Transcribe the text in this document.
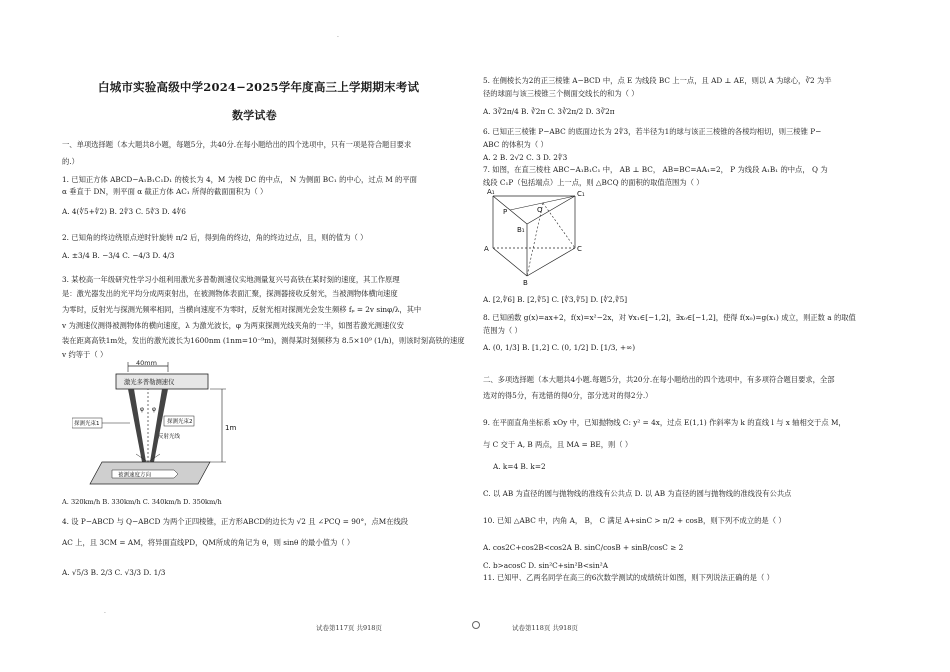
·
白城市实验高级中学2024−2025学年度高三上学期期末考试
数学试卷
一、单项选择题（本大题共8小题，每题5分，共40分.在每小题给出的四个选项中，只有一项是符合题目要求
的.）
1. 已知正方体 ABCD−A₁B₁C₁D₁ 的棱长为 4，M 为棱 DC 的中点， N 为侧面 BC₁ 的中心，过点 M 的平面
α 垂直于 DN，则平面 α 截正方体 AC₁ 所得的截面面积为（ ）
A. 4(∜5+∜2) B. 2∜3 C. 5∜3 D. 4∜6
2. 已知角的终边绕原点逆时针旋转 π/2 后，得到角的终边，角的终边过点，且，则的值为（ ）
A. ±3/4 B. −3/4 C. −4/3 D. 4/3
3. 某校高一年级研究性学习小组利用激光多普勒测速仪实地测量复兴号高铁在某时刻的速度，其工作原理
是：激光器发出的光平均分成两束射出，在被测物体表面汇聚，探测器接收反射光，当被测物体横向速度
为零时，反射光与探测光频率相同，当横向速度不为零时，反射光相对探测光会发生频移 fₚ = 2v sinφ/λ，其中
v 为测速仪测得被测物体的横向速度，λ 为激光波长，φ 为两束探测光线夹角的一半，如图若激光测速仪安
装在距离高铁1m处，发出的激光波长为1600nm (1nm=10⁻⁹m)，测得某时刻频移为 8.5×10⁹ (1/h)，则该时刻高铁的速度
v 约等于（ ）
40mm
激光多普勒测速仪
φ φ
探测光束2
探测光束1
反射光线
1m
被测速度方向
A. 320km/h B. 330km/h C. 340km/h D. 350km/h
4. 设 P−ABCD 与 Q−ABCD 为两个正四棱锥，正方形ABCD的边长为 √2 且 ∠PCQ = 90°，点M在线段
AC 上，且 3CM = AM，将异面直线PD，QM所成的角记为 θ，则 sinθ 的最小值为（ ）
A. √5/3 B. 2/3 C. √3/3 D. 1/3
·
5. 在侧棱长为2的正三棱锥 A−BCD 中，点 E 为线段 BC 上一点，且 AD ⊥ AE，则以 A 为球心，∛2 为半
径的球面与该三棱锥三个侧面交线长的和为（ ）
A. 3∛2π/4 B. ∛2π C. 3∛2π/2 D. 3∛2π
6. 已知正三棱锥 P−ABC 的底面边长为 2∜3，若半径为1的球与该正三棱锥的各棱均相切，则三棱锥 P−
ABC 的体积为（ ）
A. 2 B. 2√2 C. 3 D. 2∜3
7. 如图，在直三棱柱 ABC−A₁B₁C₁ 中， AB ⊥ BC， AB=BC=AA₁=2， P 为线段 A₁B₁ 的中点， Q 为
线段 C₁P（包括端点）上一点，则 △BCQ 的面积的取值范围为（ ）
A₁	C₁
B₁
P	Q
A	C
B
A. [2,∜6] B. [2,∜5] C. [∜3,∜5] D. [∜2,∜5]
8. 已知函数 g(x)=ax+2，f(x)=x²−2x，对 ∀x₁∈[−1,2]，∃x₀∈[−1,2]，使得 f(x₀)=g(x₁) 成立，则正数 a 的取值
范围为（ ）
A. (0, 1/3] B. [1,2] C. (0, 1/2] D. [1/3, +∞)
二、多项选择题（本大题共4小题.每题5分，共20分.在每小题给出的四个选项中，有多项符合题目要求，全部
选对的得5分，有选错的得0分，部分选对的得2分.）
9. 在平面直角坐标系 xOy 中，已知抛物线 C: y² = 4x，过点 E(1,1) 作斜率为 k 的直线 l 与 x 轴相交于点 M，
与 C 交于 A, B 两点，且 MA = BE，则（ ）
A. k=4 B. k=2
C. 以 AB 为直径的圆与抛物线的准线有公共点 D. 以 AB 为直径的圆与抛物线的准线没有公共点
10. 已知 △ABC 中，内角 A， B， C 满足 A+sinC > π/2 + cosB，则下列不成立的是（ ）
A. cos2C+cos2B<cos2A B. sinC/cosB + sinB/cosC ≥ 2
C. b>acosC D. sin²C+sin²B<sin²A
11. 已知甲、乙两名同学在高三的6次数学测试的成绩统计如图，则下列说法正确的是（ ）
试卷第117页 共918页	试卷第118页 共918页
